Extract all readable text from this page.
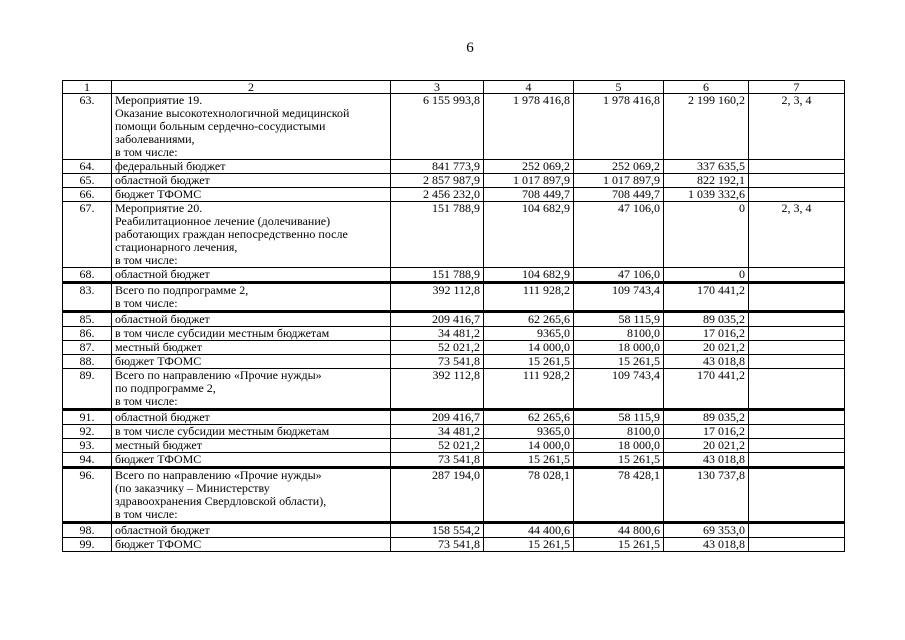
6
1	2	3	4	5	6	7
63.	Мероприятие 19.
Оказание высокотехнологичной медицинской
помощи больным сердечно-сосудистыми
заболеваниями,
в том числе:	6 155 993,8	1 978 416,8	1 978 416,8	2 199 160,2	2, 3, 4
64.	федеральный бюджет	841 773,9	252 069,2	252 069,2	337 635,5	
65.	областной бюджет	2 857 987,9	1 017 897,9	1 017 897,9	822 192,1	
66.	бюджет ТФОМС	2 456 232,0	708 449,7	708 449,7	1 039 332,6	
67.	Мероприятие 20.
Реабилитационное лечение (долечивание)
работающих граждан непосредственно после
стационарного лечения,
в том числе:	151 788,9	104 682,9	47 106,0	0	2, 3, 4
68.	областной бюджет	151 788,9	104 682,9	47 106,0	0	
83.	Всего по подпрограмме 2,
в том числе:	392 112,8	111 928,2	109 743,4	170 441,2	
85.	областной бюджет	209 416,7	62 265,6	58 115,9	89 035,2	
86.	в том числе субсидии местным бюджетам	34 481,2	9365,0	8100,0	17 016,2	
87.	местный бюджет	52 021,2	14 000,0	18 000,0	20 021,2	
88.	бюджет ТФОМС	73 541,8	15 261,5	15 261,5	43 018,8	
89.	Всего по направлению «Прочие нужды»
по подпрограмме 2,
в том числе:	392 112,8	111 928,2	109 743,4	170 441,2	
91.	областной бюджет	209 416,7	62 265,6	58 115,9	89 035,2	
92.	в том числе субсидии местным бюджетам	34 481,2	9365,0	8100,0	17 016,2	
93.	местный бюджет	52 021,2	14 000,0	18 000,0	20 021,2	
94.	бюджет ТФОМС	73 541,8	15 261,5	15 261,5	43 018,8	
96.	Всего по направлению «Прочие нужды»
(по заказчику – Министерству
здравоохранения Свердловской области),
в том числе:	287 194,0	78 028,1	78 428,1	130 737,8	
98.	областной бюджет	158 554,2	44 400,6	44 800,6	69 353,0	
99.	бюджет ТФОМС	73 541,8	15 261,5	15 261,5	43 018,8	
